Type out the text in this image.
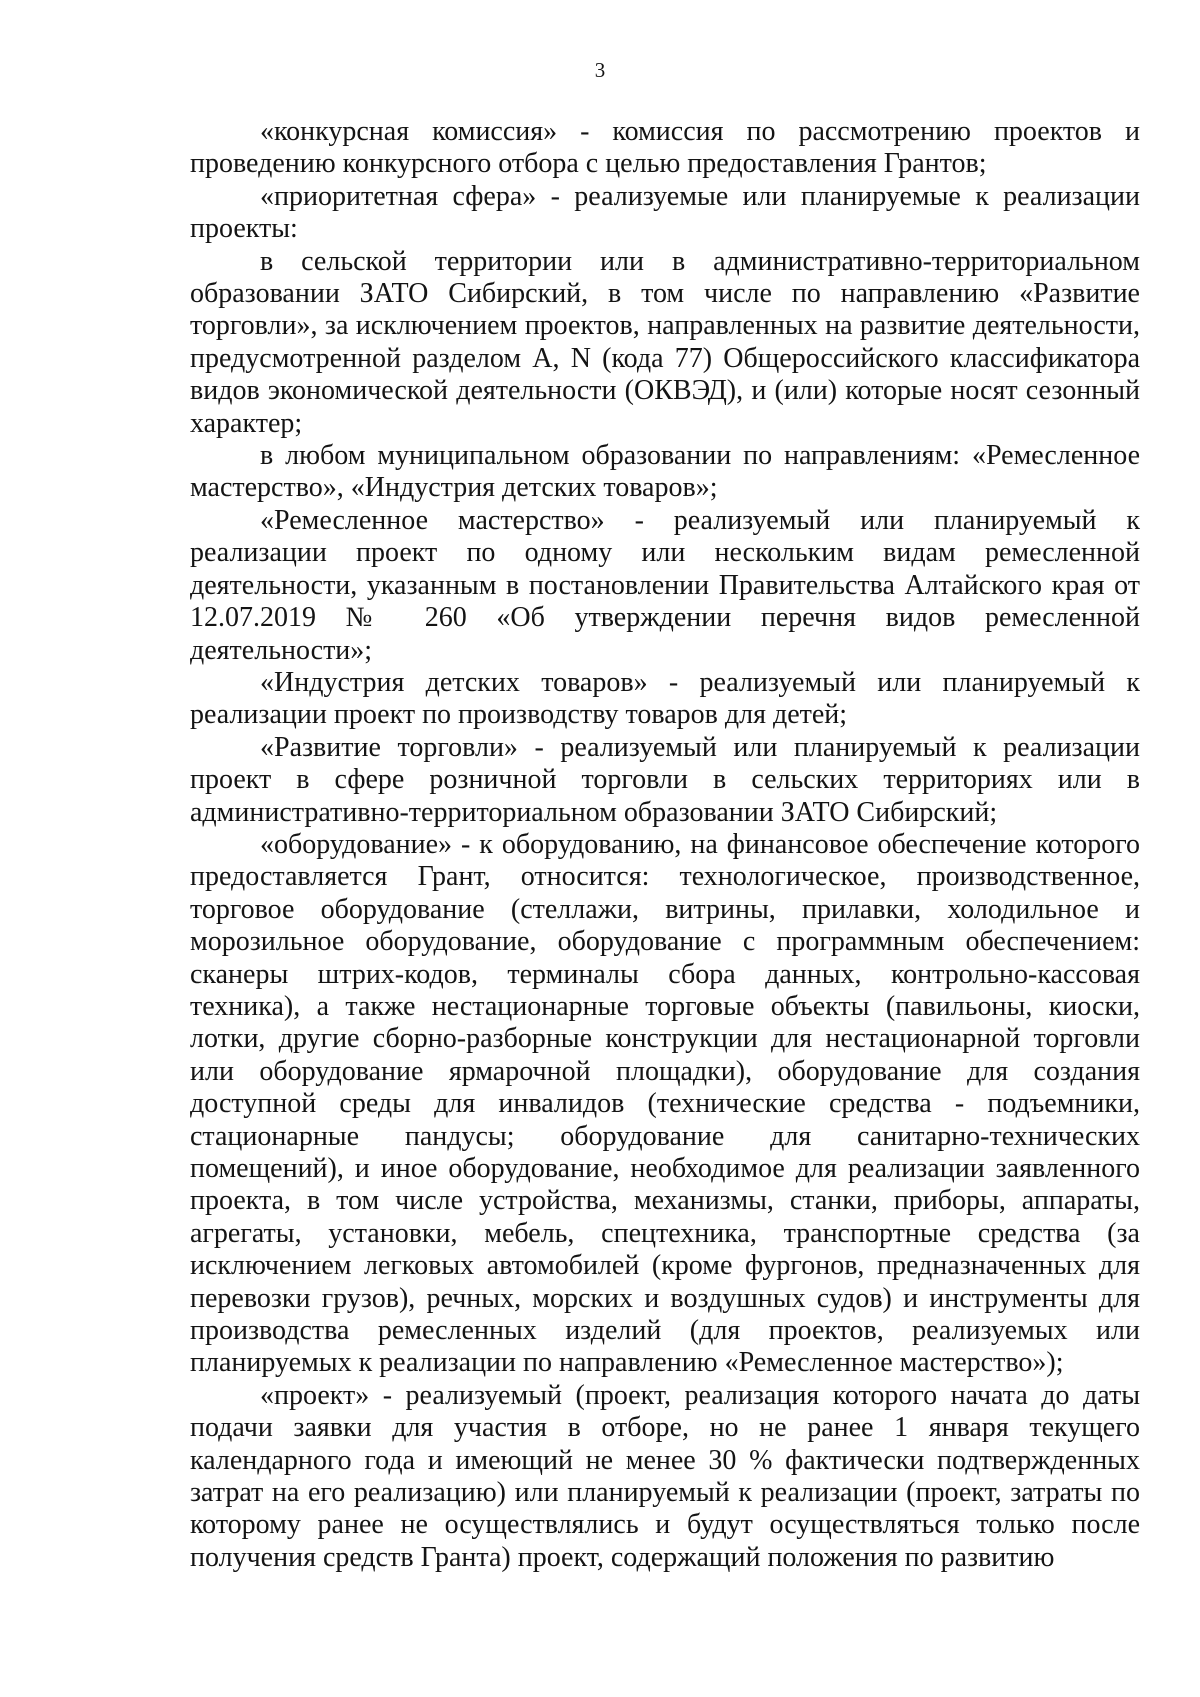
3

«конкурсная комиссия» - комиссия по рассмотрению проектов и проведению конкурсного отбора с целью предоставления Грантов;

«приоритетная сфера» - реализуемые или планируемые к реализации проекты:

в сельской территории или в административно-территориальном образовании ЗАТО Сибирский, в том числе по направлению «Развитие торговли», за исключением проектов, направленных на развитие деятельности, предусмотренной разделом А, N (кода 77) Общероссийского классификатора видов экономической деятельности (ОКВЭД), и (или) которые носят сезонный характер;

в любом муниципальном образовании по направлениям: «Ремесленное мастерство», «Индустрия детских товаров»;

«Ремесленное мастерство» - реализуемый или планируемый к реализации проект по одному или нескольким видам ремесленной деятельности, указанным в постановлении Правительства Алтайского края от 12.07.2019 № 260 «Об утверждении перечня видов ремесленной деятельности»;

«Индустрия детских товаров» - реализуемый или планируемый к реализации проект по производству товаров для детей;

«Развитие торговли» - реализуемый или планируемый к реализации проект в сфере розничной торговли в сельских территориях или в административно-территориальном образовании ЗАТО Сибирский;

«оборудование» - к оборудованию, на финансовое обеспечение которого предоставляется Грант, относится: технологическое, производственное, торговое оборудование (стеллажи, витрины, прилавки, холодильное и морозильное оборудование, оборудование с программным обеспечением: сканеры штрих-кодов, терминалы сбора данных, контрольно-кассовая техника), а также нестационарные торговые объекты (павильоны, киоски, лотки, другие сборно-разборные конструкции для нестационарной торговли или оборудование ярмарочной площадки), оборудование для создания доступной среды для инвалидов (технические средства - подъемники, стационарные пандусы; оборудование для санитарно-технических помещений), и иное оборудование, необходимое для реализации заявленного проекта, в том числе устройства, механизмы, станки, приборы, аппараты, агрегаты, установки, мебель, спецтехника, транспортные средства (за исключением легковых автомобилей (кроме фургонов, предназначенных для перевозки грузов), речных, морских и воздушных судов) и инструменты для производства ремесленных изделий (для проектов, реализуемых или планируемых к реализации по направлению «Ремесленное мастерство»);

«проект» - реализуемый (проект, реализация которого начата до даты подачи заявки для участия в отборе, но не ранее 1 января текущего календарного года и имеющий не менее 30 % фактически подтвержденных затрат на его реализацию) или планируемый к реализации (проект, затраты по которому ранее не осуществлялись и будут осуществляться только после получения средств Гранта) проект, содержащий положения по развитию
